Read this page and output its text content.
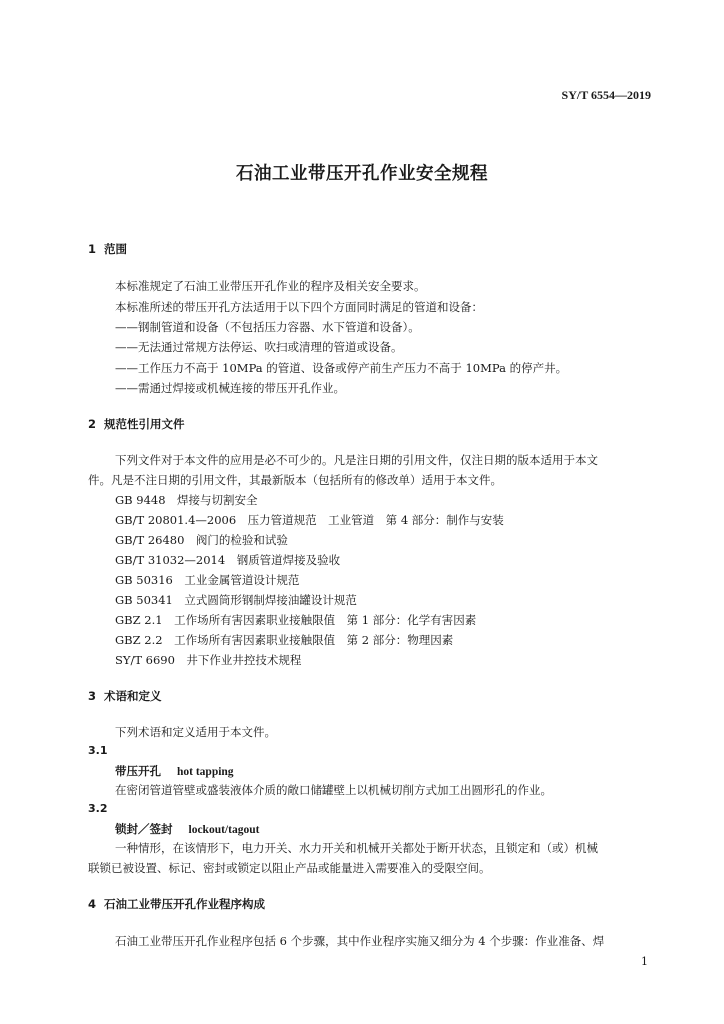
SY/T 6554—2019
石油工业带压开孔作业安全规程
1 范围
本标准规定了石油工业带压开孔作业的程序及相关安全要求。
本标准所述的带压开孔方法适用于以下四个方面同时满足的管道和设备：
——钢制管道和设备（不包括压力容器、水下管道和设备）。
——无法通过常规方法停运、吹扫或清理的管道或设备。
——工作压力不高于 10MPa 的管道、设备或停产前生产压力不高于 10MPa 的停产井。
——需通过焊接或机械连接的带压开孔作业。
2 规范性引用文件
下列文件对于本文件的应用是必不可少的。凡是注日期的引用文件，仅注日期的版本适用于本文
件。凡是不注日期的引用文件，其最新版本（包括所有的修改单）适用于本文件。
GB 9448　焊接与切割安全
GB/T 20801.4—2006　压力管道规范　工业管道　第 4 部分：制作与安装
GB/T 26480　阀门的检验和试验
GB/T 31032—2014　钢质管道焊接及验收
GB 50316　工业金属管道设计规范
GB 50341　立式圆筒形钢制焊接油罐设计规范
GBZ 2.1　工作场所有害因素职业接触限值　第 1 部分：化学有害因素
GBZ 2.2　工作场所有害因素职业接触限值　第 2 部分：物理因素
SY/T 6690　井下作业井控技术规程
3 术语和定义
下列术语和定义适用于本文件。
3.1
带压开孔 hot tapping
在密闭管道管壁或盛装液体介质的敞口储罐壁上以机械切削方式加工出圆形孔的作业。
3.2
锁封／签封 lockout/tagout
一种情形，在该情形下，电力开关、水力开关和机械开关都处于断开状态，且锁定和（或）机械
联锁已被设置、标记、密封或锁定以阻止产品或能量进入需要准入的受限空间。
4 石油工业带压开孔作业程序构成
石油工业带压开孔作业程序包括 6 个步骤，其中作业程序实施又细分为 4 个步骤：作业准备、焊
1
